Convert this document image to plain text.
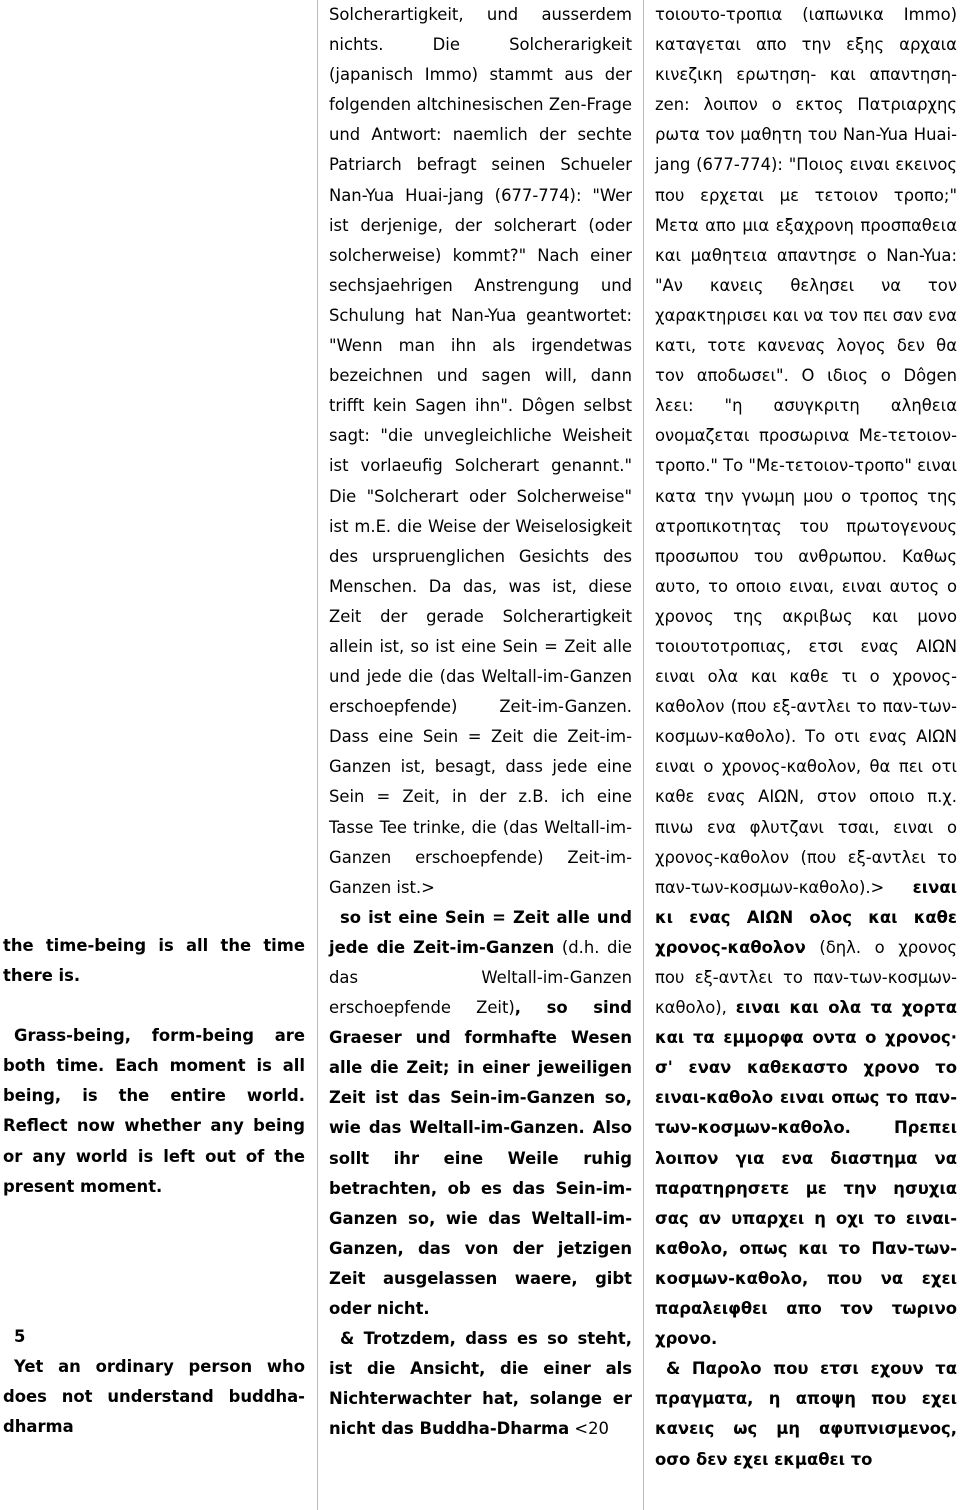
the time-being is all the time there is.

Grass-being, form-being are both time. Each moment is all being, is the entire world. Reflect now whether any being or any world is left out of the present moment.

5

Yet an ordinary person who does not understand buddha-dharma

Solcherartigkeit, und ausserdem nichts. Die Solcherarigkeit (japanisch Immo) stammt aus der folgenden altchinesischen Zen-Frage und Antwort: naemlich der sechte Patriarch befragt seinen Schueler Nan-Yua Huai-jang (677-774): "Wer ist derjenige, der solcherart (oder solcherweise) kommt?" Nach einer sechsjaehrigen Anstrengung und Schulung hat Nan-Yua geantwortet: "Wenn man ihn als irgendetwas bezeichnen und sagen will, dann trifft kein Sagen ihn". Dôgen selbst sagt: "die unvegleichliche Weisheit ist vorlaeufig Solcherart genannt." Die "Solcherart oder Solcherweise" ist m.E. die Weise der Weiselosigkeit des urspruenglichen Gesichts des Menschen. Da das, was ist, diese Zeit der gerade Solcherartigkeit allein ist, so ist eine Sein = Zeit alle und jede die (das Weltall-im-Ganzen erschoepfende) Zeit-im-Ganzen. Dass eine Sein = Zeit die Zeit-im-Ganzen ist, besagt, dass jede eine Sein = Zeit, in der z.B. ich eine Tasse Tee trinke, die (das Weltall-im-Ganzen erschoepfende) Zeit-im-Ganzen ist.>

so ist eine Sein = Zeit alle und jede die Zeit-im-Ganzen (d.h. die das Weltall-im-Ganzen erschoepfende Zeit), so sind Graeser und formhafte Wesen alle die Zeit; in einer jeweiligen Zeit ist das Sein-im-Ganzen so, wie das Weltall-im-Ganzen. Also sollt ihr eine Weile ruhig betrachten, ob es das Sein-im-Ganzen so, wie das Weltall-im-Ganzen, das von der jetzigen Zeit ausgelassen waere, gibt oder nicht.

& Trotzdem, dass es so steht, ist die Ansicht, die einer als Nichterwachter hat, solange er nicht das Buddha-Dharma <20

τοιουτο-τροπια (ιαπωνικα Immo) καταγεται απο την εξης αρχαια κινεζικη ερωτηση- και απαντηση-zen: λοιπον ο εκτος Πατριαρχης ρωτα τον μαθητη του Nan-Yua Huai-jang (677-774): "Ποιος ειναι εκεινος που ερχεται με τετοιον τροπο;" Μετα απο μια εξαχρονη προσπαθεια και μαθητεια απαντησε ο Nan-Yua: "Αν κανεις θελησει να τον χαρακτηρισει και να τον πει σαν ενα κατι, τοτε κανενας λογος δεν θα τον αποδωσει". Ο ιδιος ο Dôgen λεει: "η ασυγκριτη αληθεια ονομαζεται προσωρινα Με-τετοιον-τροπο." Το "Με-τετοιον-τροπο" ειναι κατα την γνωμη μου ο τροπος της ατροπικοτητας του πρωτογενους προσωπου του ανθρωπου. Καθως αυτο, το οποιο ειναι, ειναι αυτος ο χρονος της ακριβως και μονο τοιουτοτροπιας, ετσι ενας ΑΙΩΝ ειναι ολα και καθε τι ο χρονος-καθολον (που εξ-αντλει το παν-των-κοσμων-καθολο). Το οτι ενας ΑΙΩΝ ειναι ο χρονος-καθολον, θα πει οτι καθε ενας ΑΙΩΝ, στον οποιο π.χ. πινω ενα φλυτζανι τσαι, ειναι ο χρονος-καθολον (που εξ-αντλει το παν-των-κοσμων-καθολο).> ειναι κι ενας ΑΙΩΝ ολος και καθε χρονος-καθολον (δηλ. ο χρονος που εξ-αντλει το παν-των-κοσμων-καθολο), ειναι και ολα τα χορτα και τα εμμορφα οντα ο χρονος· σ' εναν καθεκαστο χρονο το ειναι-καθολο ειναι οπως το παν-των-κοσμων-καθολο. Πρεπει λοιπον για ενα διαστημα να παρατηρησετε με την ησυχια σας αν υπαρχει η οχι το ειναι-καθολο, οπως και το Παν-των-κοσμων-καθολο, που να εχει παραλειφθει απο τον τωρινο χρονο.

& Παρολο που ετσι εχουν τα πραγματα, η αποψη που εχει κανεις ως μη αφυπνισμενος, οσο δεν εχει εκμαθει το
